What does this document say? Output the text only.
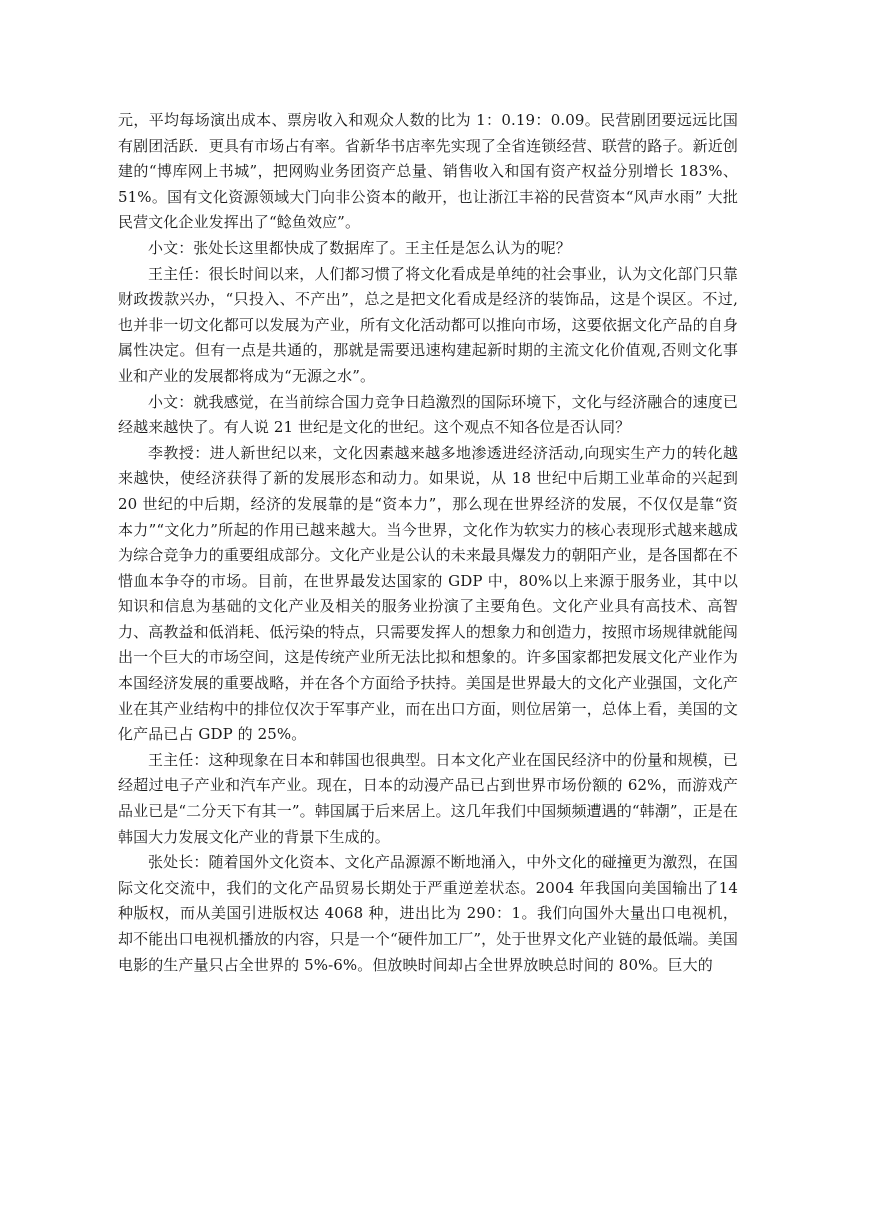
元，平均每场演出成本、票房收入和观众人数的比为 1：0.19：0.09。民营剧团要远远比国有剧团活跃．更具有市场占有率。省新华书店率先实现了全省连锁经营、联营的路子。新近创建的“博库网上书城”，把网购业务团资产总量、销售收入和国有资产权益分别增长 183%、51%。国有文化资源领域大门向非公资本的敞开，也让浙江丰裕的民营资本“风声水雨” 大批民营文化企业发挥出了“鲶鱼效应”。

小文：张处长这里都快成了数据库了。王主任是怎么认为的呢？

王主任：很长时间以来，人们都习惯了将文化看成是单纯的社会事业，认为文化部门只靠财政拨款兴办，“只投入、不产出”，总之是把文化看成是经济的装饰品，这是个误区。不过,也并非一切文化都可以发展为产业，所有文化活动都可以推向市场，这要依据文化产品的自身属性决定。但有一点是共通的，那就是需要迅速构建起新时期的主流文化价值观,否则文化事业和产业的发展都将成为“无源之水”。

小文：就我感觉，在当前综合国力竞争日趋激烈的国际环境下，文化与经济融合的速度已经越来越快了。有人说 21 世纪是文化的世纪。这个观点不知各位是否认同？

李教授：进人新世纪以来，文化因素越来越多地渗透进经济活动,向现实生产力的转化越来越快，使经济获得了新的发展形态和动力。如果说，从 18 世纪中后期工业革命的兴起到 20 世纪的中后期，经济的发展靠的是“资本力”，那么现在世界经济的发展，不仅仅是靠“资本力”“文化力”所起的作用已越来越大。当今世界，文化作为软实力的核心表现形式越来越成为综合竞争力的重要组成部分。文化产业是公认的未来最具爆发力的朝阳产业，是各国都在不惜血本争夺的市场。目前，在世界最发达国家的 GDP 中，80%以上来源于服务业，其中以知识和信息为基础的文化产业及相关的服务业扮演了主要角色。文化产业具有高技术、高智力、高教益和低消耗、低污染的特点，只需要发挥人的想象力和创造力，按照市场规律就能闯出一个巨大的市场空间，这是传统产业所无法比拟和想象的。许多国家都把发展文化产业作为本国经济发展的重要战略，并在各个方面给予扶持。美国是世界最大的文化产业强国，文化产业在其产业结构中的排位仅次于军事产业，而在出口方面，则位居第一，总体上看，美国的文化产品已占 GDP 的 25%。

王主任：这种现象在日本和韩国也很典型。日本文化产业在国民经济中的份量和规模，已经超过电子产业和汽车产业。现在，日本的动漫产品已占到世界市场份额的 62%，而游戏产品业已是“二分天下有其一”。韩国属于后来居上。这几年我们中国频频遭遇的“韩潮”，正是在韩国大力发展文化产业的背景下生成的。

张处长：随着国外文化资本、文化产品源源不断地涌入，中外文化的碰撞更为激烈，在国际文化交流中，我们的文化产品贸易长期处于严重逆差状态。2004 年我国向美国输出了14 种版权，而从美国引进版权达 4068 种，进出比为 290：1。我们向国外大量出口电视机，却不能出口电视机播放的内容，只是一个“硬件加工厂”，处于世界文化产业链的最低端。美国电影的生产量只占全世界的 5%-6%。但放映时间却占全世界放映总时间的 80%。巨大的
